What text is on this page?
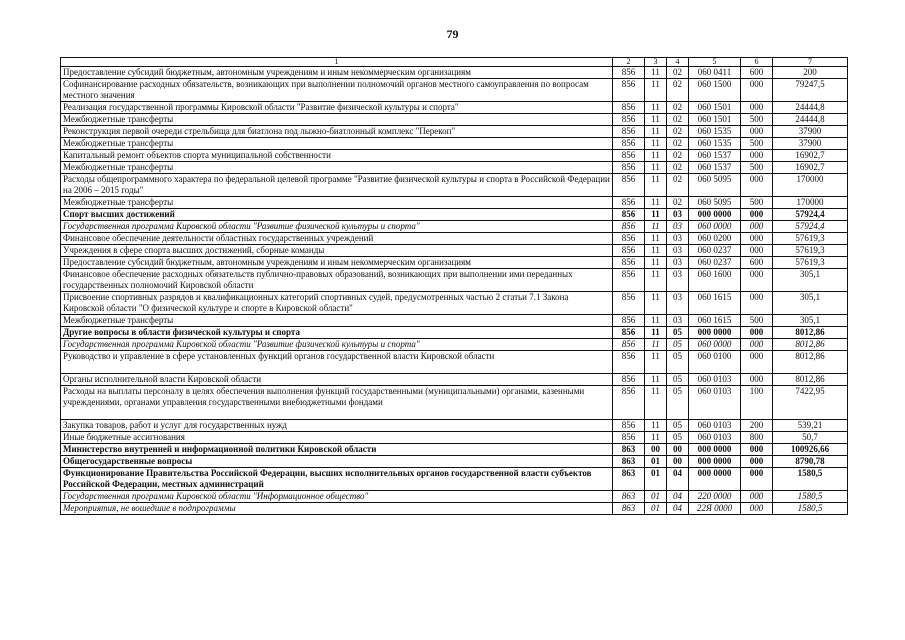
79
1	2	3	4	5	6	7
Предоставление субсидий бюджетным, автономным учреждениям и иным некоммерческим организациям	856	11	02	060 0411	600	200
Софинансирование расходных обязательств, возникающих при выполнении полномочий органов местного самоуправления по вопросам местного значения	856	11	02	060 1500	000	79247,5
Реализация государственной программы Кировской области "Развитие физической культуры и спорта"	856	11	02	060 1501	000	24444,8
Межбюджетные трансферты	856	11	02	060 1501	500	24444,8
Реконструкция первой очереди стрельбища для биатлона под лыжно-биатлонный комплекс "Перекоп"	856	11	02	060 1535	000	37900
Межбюджетные трансферты	856	11	02	060 1535	500	37900
Капитальный ремонт объектов спорта муниципальной собственности	856	11	02	060 1537	000	16902,7
Межбюджетные трансферты	856	11	02	060 1537	500	16902,7
Расходы общепрограммного характера по федеральной целевой программе "Развитие физической культуры и спорта в Российской Федерации на 2006 – 2015 годы"	856	11	02	060 5095	000	170000
Межбюджетные трансферты	856	11	02	060 5095	500	170000
Спорт высших достижений	856	11	03	000 0000	000	57924,4
Государственная программа Кировской области "Развитие физической культуры и спорта"	856	11	03	060 0000	000	57924,4
Финансовое обеспечение деятельности областных государственных учреждений	856	11	03	060 0200	000	57619,3
Учреждения в сфере спорта высших достижений, сборные команды	856	11	03	060 0237	000	57619,3
Предоставление субсидий бюджетным, автономным учреждениям и иным некоммерческим организациям	856	11	03	060 0237	600	57619,3
Финансовое обеспечение расходных обязательств публично-правовых образований, возникающих при выполнении ими переданных государственных полномочий Кировской области	856	11	03	060 1600	000	305,1
Присвоение спортивных разрядов и квалификационных категорий спортивных судей, предусмотренных частью 2 статьи 7.1 Закона Кировской области "О физической культуре и спорте в Кировской области"	856	11	03	060 1615	000	305,1
Межбюджетные трансферты	856	11	03	060 1615	500	305,1
Другие вопросы в области физической культуры и спорта	856	11	05	000 0000	000	8012,86
Государственная программа Кировской области "Развитие физической культуры и спорта"	856	11	05	060 0000	000	8012,86
Руководство и управление в сфере установленных функций органов государственной власти Кировской области	856	11	05	060 0100	000	8012,86
Органы исполнительной власти Кировской области	856	11	05	060 0103	000	8012,86
Расходы на выплаты персоналу в целях обеспечения выполнения функций государственными (муниципальными) органами, казенными учреждениями, органами управления государственными внебюджетными фондами	856	11	05	060 0103	100	7422,95
Закупка товаров, работ и услуг для государственных нужд	856	11	05	060 0103	200	539,21
Иные бюджетные ассигнования	856	11	05	060 0103	800	50,7
Министерство внутренней и информационной политики Кировской области	863	00	00	000 0000	000	100926,66
Общегосударственные вопросы	863	01	00	000 0000	000	8790,78
Функционирование Правительства Российской Федерации, высших исполнительных органов государственной власти субъектов Российской Федерации, местных администраций	863	01	04	000 0000	000	1580,5
Государственная программа Кировской области "Информационное общество"	863	01	04	220 0000	000	1580,5
Мероприятия, не вошедшие в подпрограммы	863	01	04	22Я 0000	000	1580,5
